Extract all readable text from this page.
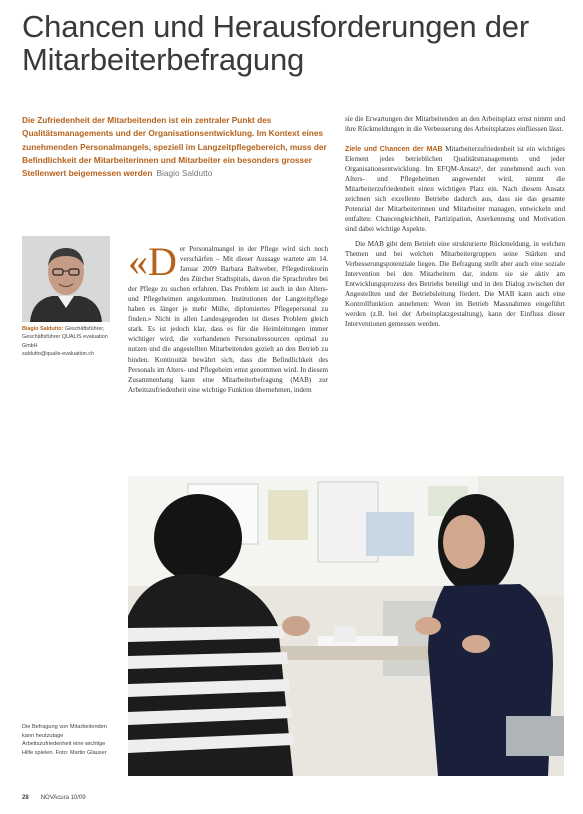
Chancen und Herausforderungen der Mitarbeiterbefragung

Die Zufriedenheit der Mitarbeitenden ist ein zentraler Punkt des Qualitätsmanagements und der Organisationsentwicklung. Im Kontext eines zunehmenden Personalmangels, speziell im Langzeitpflegebereich, muss der Befindlichkeit der Mitarbeiterinnen und Mitarbeiter ein besonders grosser Stellenwert beigemessen werden Biagio Saldutto

Biagio Saldutto: Geschäftsführer, Geschäftsführer QUALIS evaluation GmbH
saldutto@qualis-evaluation.ch

«Der Personalmangel in der Pflege wird sich noch verschärfen – Mit dieser Aussage wartete am 14. Januar 2009 Barbara Baltweber, Pflegedirektorin des Zürcher Stadtspitals, davon die Sprachrohre bei der Pflege zu suchen erfahren. Das Problem ist auch in den Alters- und Pflegeheimen angekommen. Institutionen der Langzeitpflege haben es länger je mehr Mühe, diplomiertes Pflegepersonal zu finden.» Nicht in allen Landesgegenden ist dieses Problem gleich stark. Es ist jedoch klar, dass es für die Heimleitungen immer wichtiger wird, die vorhandenen Personalressourcen optimal zu nutzen und die angestellten Mitarbeitenden gezielt an den Betrieb zu binden. Kontinuität bewährt sich, dass die Befindlichkeit des Personals im Alters- und Pflegeheim ernst genommen wird. In diesem Zusammenhang kann eine Mitarbeiterbefragung (MAB) zur Arbeitszufriedenheit eine wichtige Funktion übernehmen, indem

sie die Erwartungen der Mitarbeitenden an den Arbeitsplatz ernst nimmt und ihre Rückmeldungen in die Verbesserung des Arbeitsplatzes einfliessen lässt.

Ziele und Chancen der MAB Mitarbeiterzufriedenheit ist ein wichtiges Element jedes betrieblichen Qualitätsmanagements und jeder Organisationsentwicklung. Im EFQM-Ansatz¹, der zunehmend auch von Alters- und Pflegeheimen angewendet wird, nimmt die Mitarbeiterzufriedenheit einen wichtigen Platz ein. Nach diesem Ansatz zeichnen sich exzellente Betriebe dadurch aus, dass sie das gesamte Potenzial der Mitarbeiterinnen und Mitarbeiter managen, entwickeln und entfalten: Chancengleichheit, Partizipation, Anerkennung und Motivation sind dabei wichtige Aspekte.

Die MAB gibt dem Betrieb eine strukturierte Rückmeldung, in welchen Themen und bei welchen Mitarbeitergruppen seine Stärken und Verbesserungspotenziale liegen. Die Befragung stellt aber auch eine soziale Intervention bei den Mitarbeitern dar, indem sie sie aktiv am Entwicklungsprozess des Betriebs beteiligt und in den Dialog zwischen der Angestellten und der Betriebsleitung fördert. Die MAB kann auch eine Kontrollfunktion annehmen: Wenn im Betrieb Massnahmen eingeführt werden (z.B. bei der Arbeitsplatzgestaltung), kann der Einfluss dieser Interventionen gemessen werden.

Die Befragung von Mitarbeitenden kann heutzutage Arbeitszufriedenheit eine wichtige Hilfe spielen. Foto: Martin Glauser

28 NOVAcura 10/09
